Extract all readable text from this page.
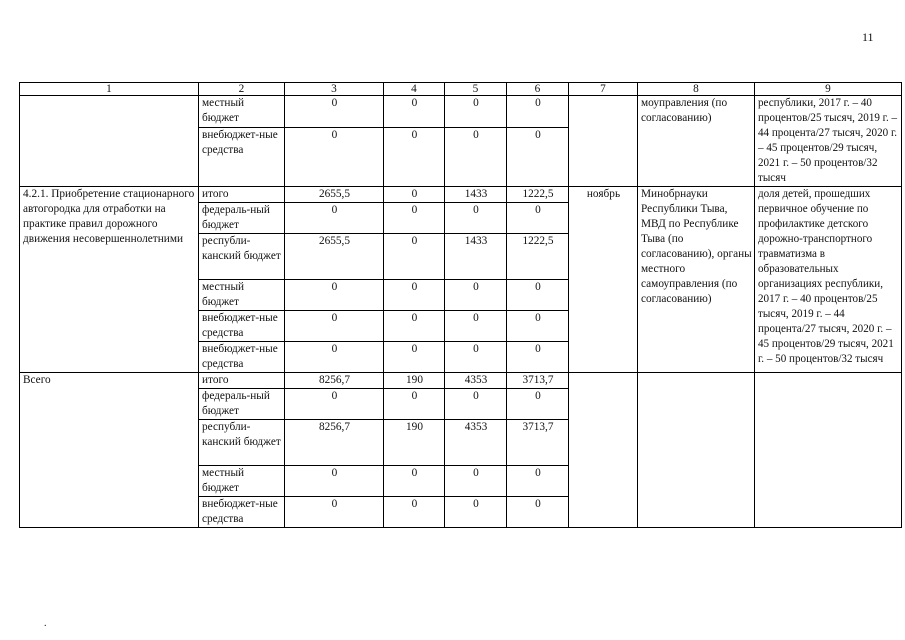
11
.
1	2	3	4	5	6	7	8	9
	местный бюджет	0	0	0	0		моуправления (по согласованию)	республики, 2017 г. – 40 процентов/25 тысяч, 2019 г. – 44 процента/27 тысяч, 2020 г. – 45 процентов/29 тысяч, 2021 г. – 50 процентов/32 тысяч
	внебюджет-ные средства	0	0	0	0			
4.2.1. Приобретение стационарного автогородка для отработки на практике правил дорожного движения несовершеннолетними	итого	2655,5	0	1433	1222,5	ноябрь	Минобрнауки Республики Тыва, МВД по Республике Тыва (по согласованию), органы местного самоуправления (по согласованию)	доля детей, прошедших первичное обучение по профилактике детского дорожно-транспортного травматизма в образовательных организациях республики, 2017 г. – 40 процентов/25 тысяч, 2019 г. – 44 процента/27 тысяч, 2020 г. – 45 процентов/29 тысяч, 2021 г. – 50 процентов/32 тысяч
	федераль-ный бюджет	0	0	0	0			
	республи-канский бюджет	2655,5	0	1433	1222,5			
	местный бюджет	0	0	0	0			
	внебюджет-ные средства	0	0	0	0			
	внебюджет-ные средства	0	0	0	0			
Всего	итого	8256,7	190	4353	3713,7			
	федераль-ный бюджет	0	0	0	0			
	республи-канский бюджет	8256,7	190	4353	3713,7			
	местный бюджет	0	0	0	0			
	внебюджет-ные средства	0	0	0	0			
